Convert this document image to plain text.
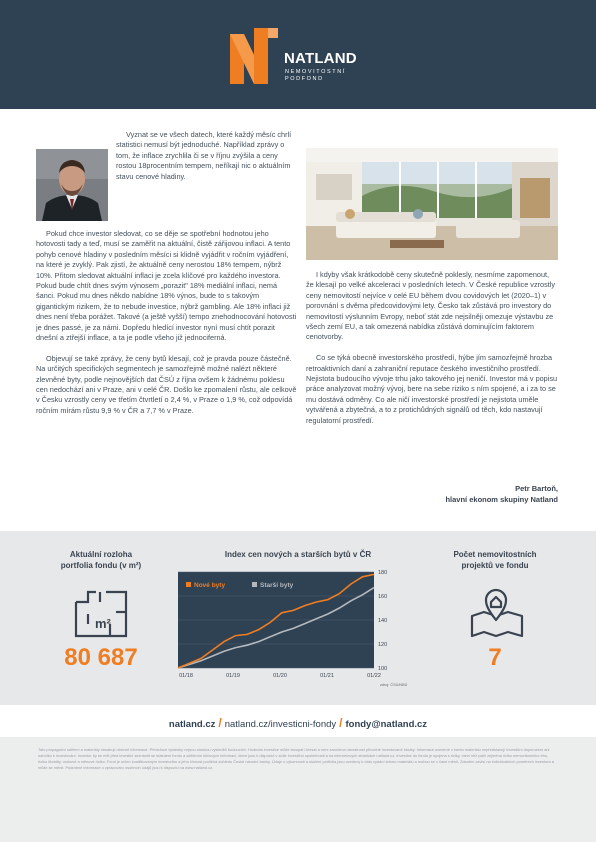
NATLAND
NEMOVITOSTNÍ
PODFOND

Vyznat se ve všech datech, které každý měsíc chrlí statistici nemusí být jednoduché. Například zprávy o tom, že inflace zrychlila či se v říjnu zvýšila a ceny rostou 18procentním tempem, neříkají nic o aktuálním stavu cenové hladiny.

Pokud chce investor sledovat, co se děje se spotřební hodnotou jeho hotovosti tady a teď, musí se zaměřit na aktuální, čistě zářijovou inflaci. A tento pohyb cenové hladiny v posledním měsíci si klidně vyjádřit v ročním vyjádření, na které je zvyklý. Pak zjistí, že aktuálně ceny nerostou 18% tempem, nýbrž 10%. Přitom sledovat aktuální inflaci je zcela klíčové pro každého investora. Pokud bude chtít dnes svým výnosem „porazit" 18% mediální inflaci, nemá šanci. Pokud mu dnes někdo nabídne 18% výnos, bude to s takovým gigantickým rizikem, že to nebude investice, nýbrž gambling. Ale 18% inflaci již dnes není třeba porážet. Takové (a ještě vyšší) tempo znehodnocování hotovosti je dnes passé, je za námi. Dopředu hledící investor nyní musí chtít porazit dnešní a ztřejší inflace, a ta je podle všeho již jednociferná.

Objevují se také zprávy, že ceny bytů klesají, což je pravda pouze částečně. Na určitých specifických segmentech je samozřejmě možné nalézt některé zlevněné byty, podle nejnovějších dat ČSÚ z října ovšem k žádnému poklesu cen nedochází ani v Praze, ani v celé ČR. Došlo ke zpomalení růstu, ale celkově v Česku vzrostly ceny ve třetím čtvrtletí o 2,4 %, v Praze o 1,9 %, což odpovídá ročním mírám růstu 9,9 % v ČR a 7,7 % v Praze.

I kdyby však krátkodobě ceny skutečně poklesly, nesmíme zapomenout, že klesají po velké akceleraci v posledních letech. V České republice vzrostly ceny nemovitostí nejvíce v celé EU během dvou covidových let (2020–1) v porovnání s dvěma předcovidovými lety. Česko tak zůstává pro investory do nemovitostí výslunním Evropy, neboť stát zde nejsilněji omezuje výstavbu ze všech zemí EU, a tak omezená nabídka zůstává dominujícím faktorem cenotvorby.

Co se týká obecně investorského prostředí, hýbe jím samozřejmě hrozba retroaktivních daní a zahraniční reputace českého investičního prostředí. Nejistota budoucího vývoje trhu jako takového jej neničí. Investor má v popisu práce analyzovat možný vývoj, bere na sebe riziko s ním spojené, a i za to se mu dostává odměny. Co ale ničí investorské prostředí je nejistota uměle vytvářená a zbytečná, a to z protichůdných signálů od těch, kdo nastavují regulatorní prostředí.

Petr Bartoň,
hlavní ekonom skupiny Natland
Aktuální rozloha
portfolia fondu (v m²)
m²
80 687
Index cen nových a starších bytů v ČR
100
120
140
160
180
01/18	01/19	01/20	01/21	01/22
Nové byty	Starší byty
zdroj: ČSÚ/NBÚ
Počet nemovitostních
projektů ve fondu
7
natland.cz / natland.cz/investicni-fondy / fondy@natland.cz
Tato propagační sdělení a materiály obsahují obecné informace. Předchozí výsledky nejsou zárukou výsledků budoucích. Hodnota investice může stoupat i klesat a není zaručena návratnost původně investované částky. Informace uvedené v tomto materiálu nepředstavují investiční doporučení ani nabídku k investování. Investor by se měl před investicí seznámit se statutem fondu a sdělením klíčových informací, které jsou k dispozici v sídle investiční společnosti a na internetových stránkách natland.cz. Investice do fondu je spojena s riziky, mezi něž patří zejména riziko nemovitostního trhu, riziko likvidity, úrokové a měnové riziko. Fond je určen kvalifikovaným investorům a jeho činnost podléhá dohledu České národní banky. Údaje o výkonnosti a složení portfolia jsou uvedeny k datu vydání tohoto materiálu a mohou se v čase měnit. Zdanění závisí na individuálních poměrech investora a může se měnit. Podrobné informace o zpracování osobních údajů jsou k dispozici na www.natland.cz.
